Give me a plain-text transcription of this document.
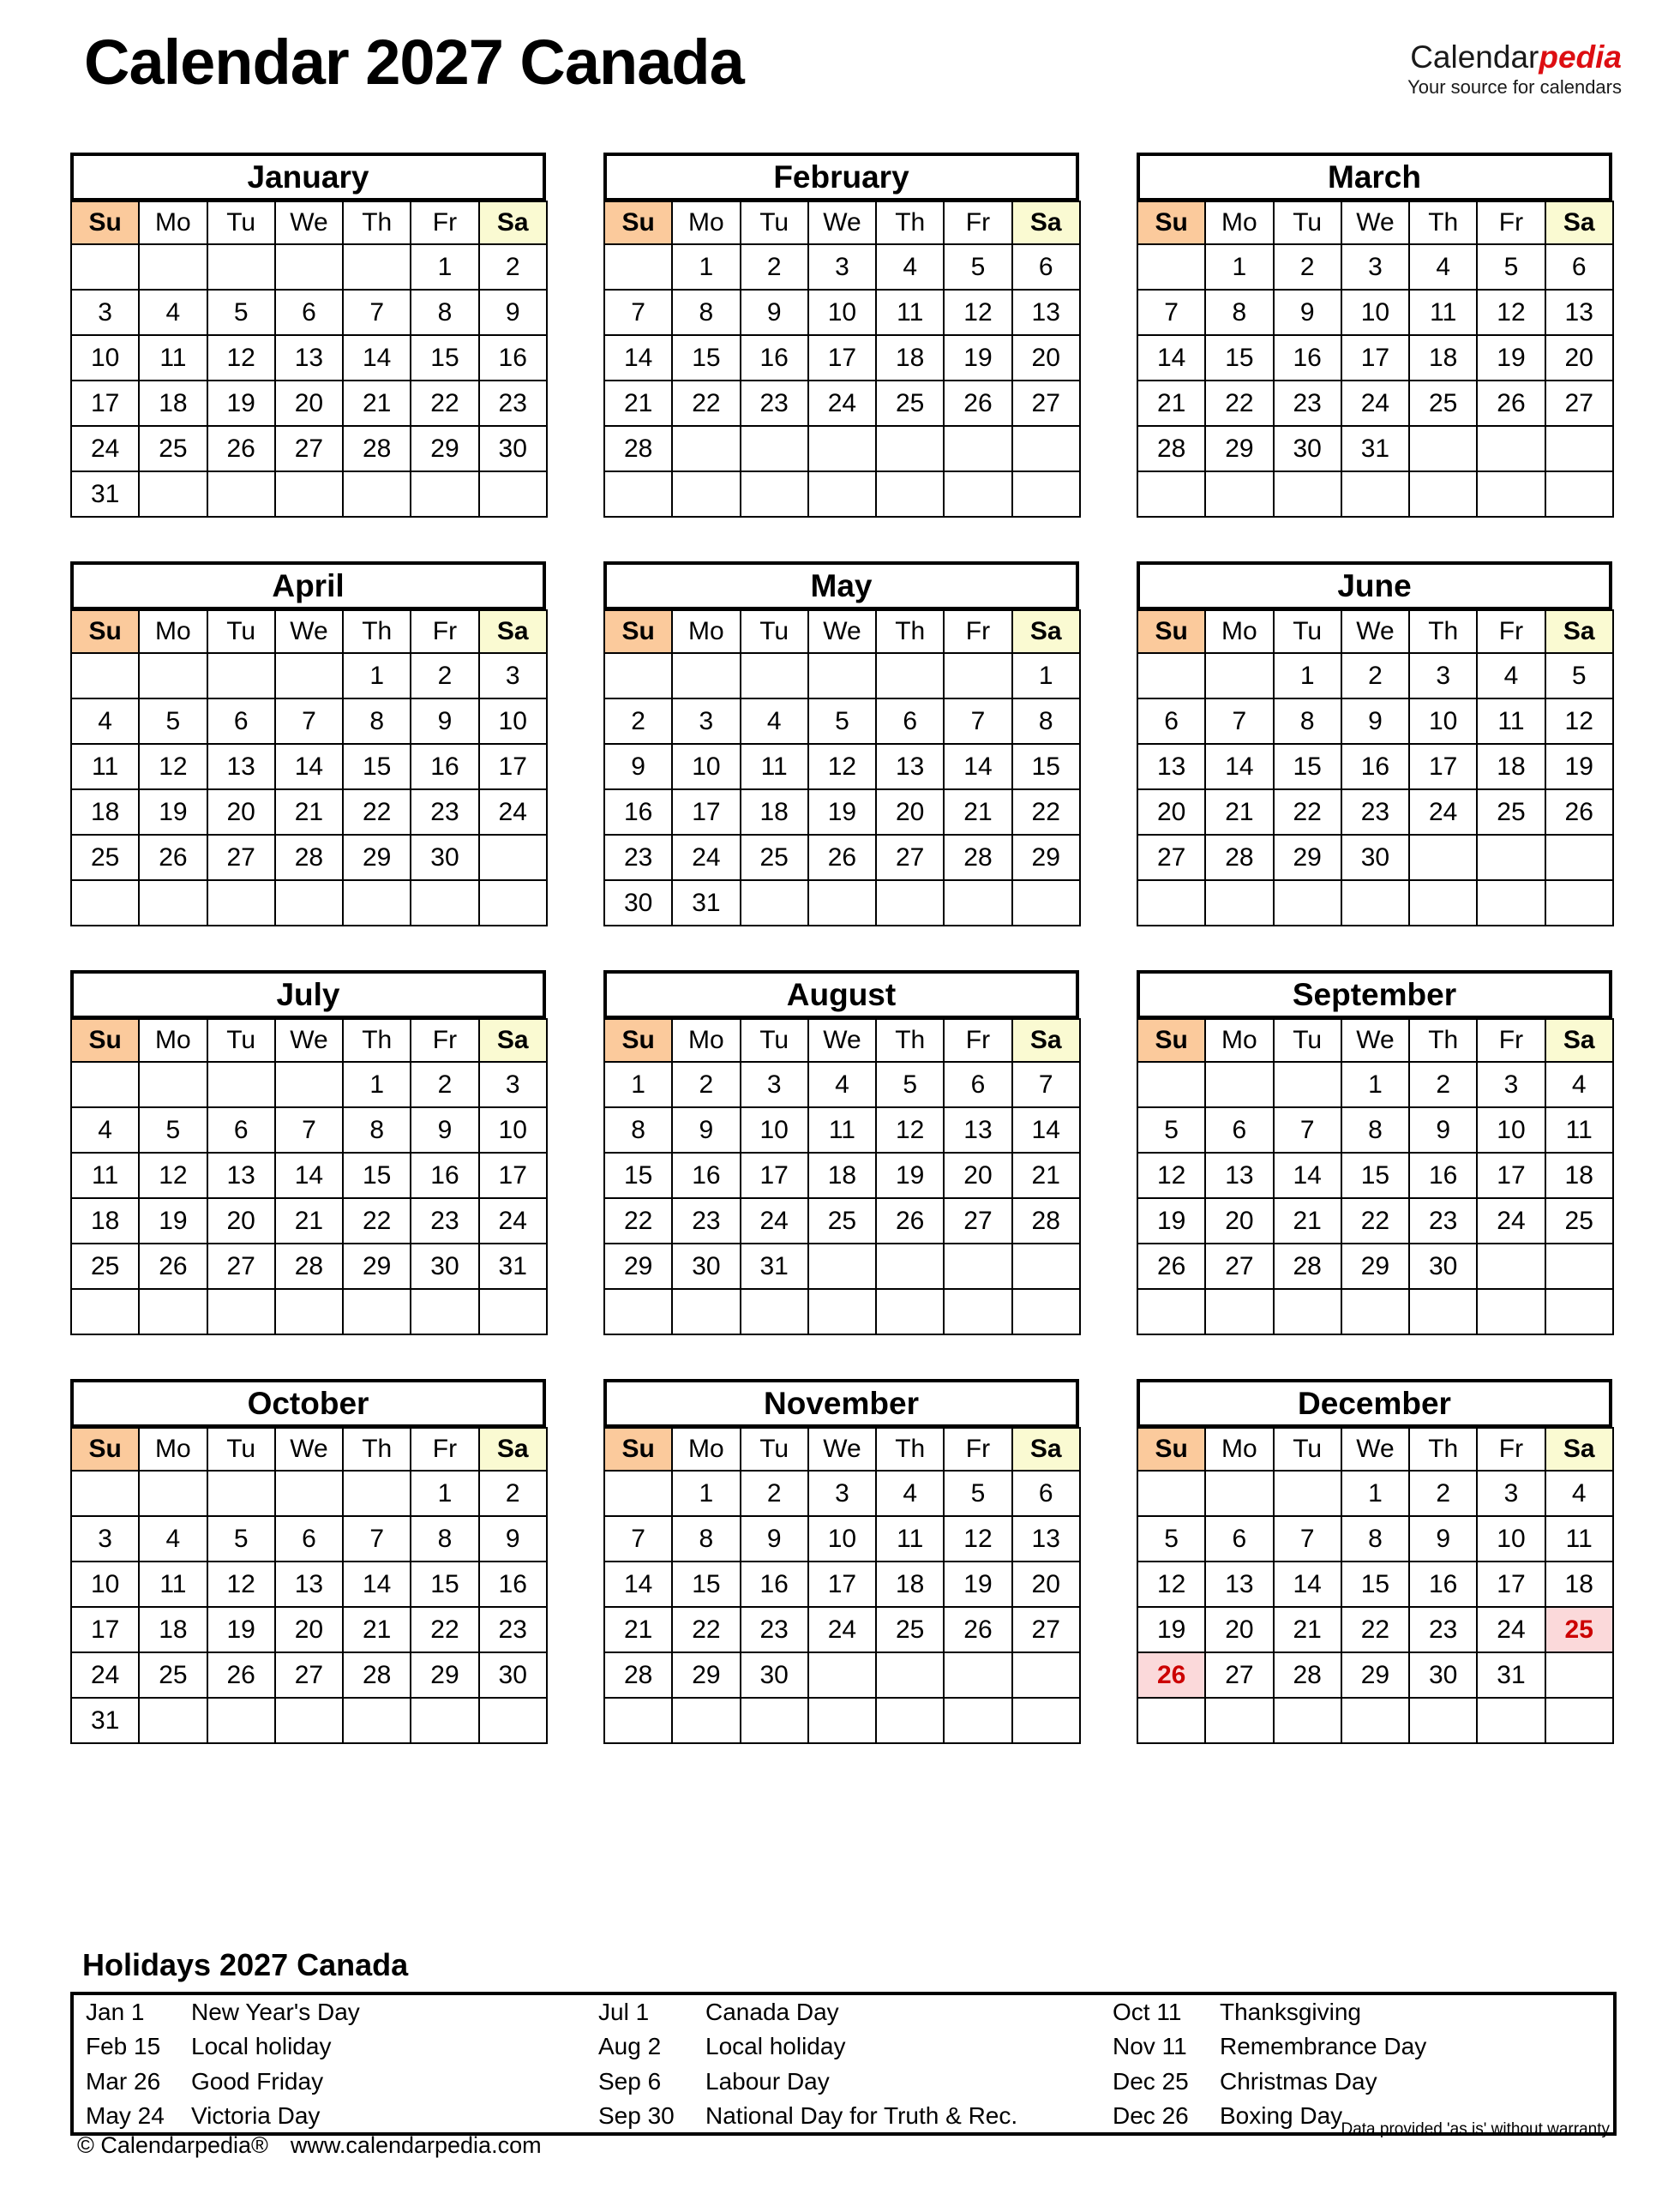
Calendar 2027 Canada	Calendarpedia
Your source for calendars
January
Su	Mo	Tu	We	Th	Fr	Sa
					1	2
3	4	5	6	7	8	9
10	11	12	13	14	15	16
17	18	19	20	21	22	23
24	25	26	27	28	29	30
31						
February
Su	Mo	Tu	We	Th	Fr	Sa
	1	2	3	4	5	6
7	8	9	10	11	12	13
14	15	16	17	18	19	20
21	22	23	24	25	26	27
28						

March
Su	Mo	Tu	We	Th	Fr	Sa
	1	2	3	4	5	6
7	8	9	10	11	12	13
14	15	16	17	18	19	20
21	22	23	24	25	26	27
28	29	30	31			

April
Su	Mo	Tu	We	Th	Fr	Sa
				1	2	3
4	5	6	7	8	9	10
11	12	13	14	15	16	17
18	19	20	21	22	23	24
25	26	27	28	29	30	

May
Su	Mo	Tu	We	Th	Fr	Sa
						1
2	3	4	5	6	7	8
9	10	11	12	13	14	15
16	17	18	19	20	21	22
23	24	25	26	27	28	29
30	31					
June
Su	Mo	Tu	We	Th	Fr	Sa
		1	2	3	4	5
6	7	8	9	10	11	12
13	14	15	16	17	18	19
20	21	22	23	24	25	26
27	28	29	30			

July
Su	Mo	Tu	We	Th	Fr	Sa
				1	2	3
4	5	6	7	8	9	10
11	12	13	14	15	16	17
18	19	20	21	22	23	24
25	26	27	28	29	30	31

August
Su	Mo	Tu	We	Th	Fr	Sa
1	2	3	4	5	6	7
8	9	10	11	12	13	14
15	16	17	18	19	20	21
22	23	24	25	26	27	28
29	30	31				

September
Su	Mo	Tu	We	Th	Fr	Sa
			1	2	3	4
5	6	7	8	9	10	11
12	13	14	15	16	17	18
19	20	21	22	23	24	25
26	27	28	29	30		

October
Su	Mo	Tu	We	Th	Fr	Sa
					1	2
3	4	5	6	7	8	9
10	11	12	13	14	15	16
17	18	19	20	21	22	23
24	25	26	27	28	29	30
31						
November
Su	Mo	Tu	We	Th	Fr	Sa
	1	2	3	4	5	6
7	8	9	10	11	12	13
14	15	16	17	18	19	20
21	22	23	24	25	26	27
28	29	30				

December
Su	Mo	Tu	We	Th	Fr	Sa
			1	2	3	4
5	6	7	8	9	10	11
12	13	14	15	16	17	18
19	20	21	22	23	24	25
26	27	28	29	30	31	

Holidays 2027 Canada
Jan 1	New Year's Day	Jul 1	Canada Day	Oct 11	Thanksgiving
Feb 15	Local holiday	Aug 2	Local holiday	Nov 11	Remembrance Day
Mar 26	Good Friday	Sep 6	Labour Day	Dec 25	Christmas Day
May 24	Victoria Day	Sep 30	National Day for Truth & Rec.	Dec 26	Boxing Day
© Calendarpedia® www.calendarpedia.com
Data provided 'as is' without warranty
